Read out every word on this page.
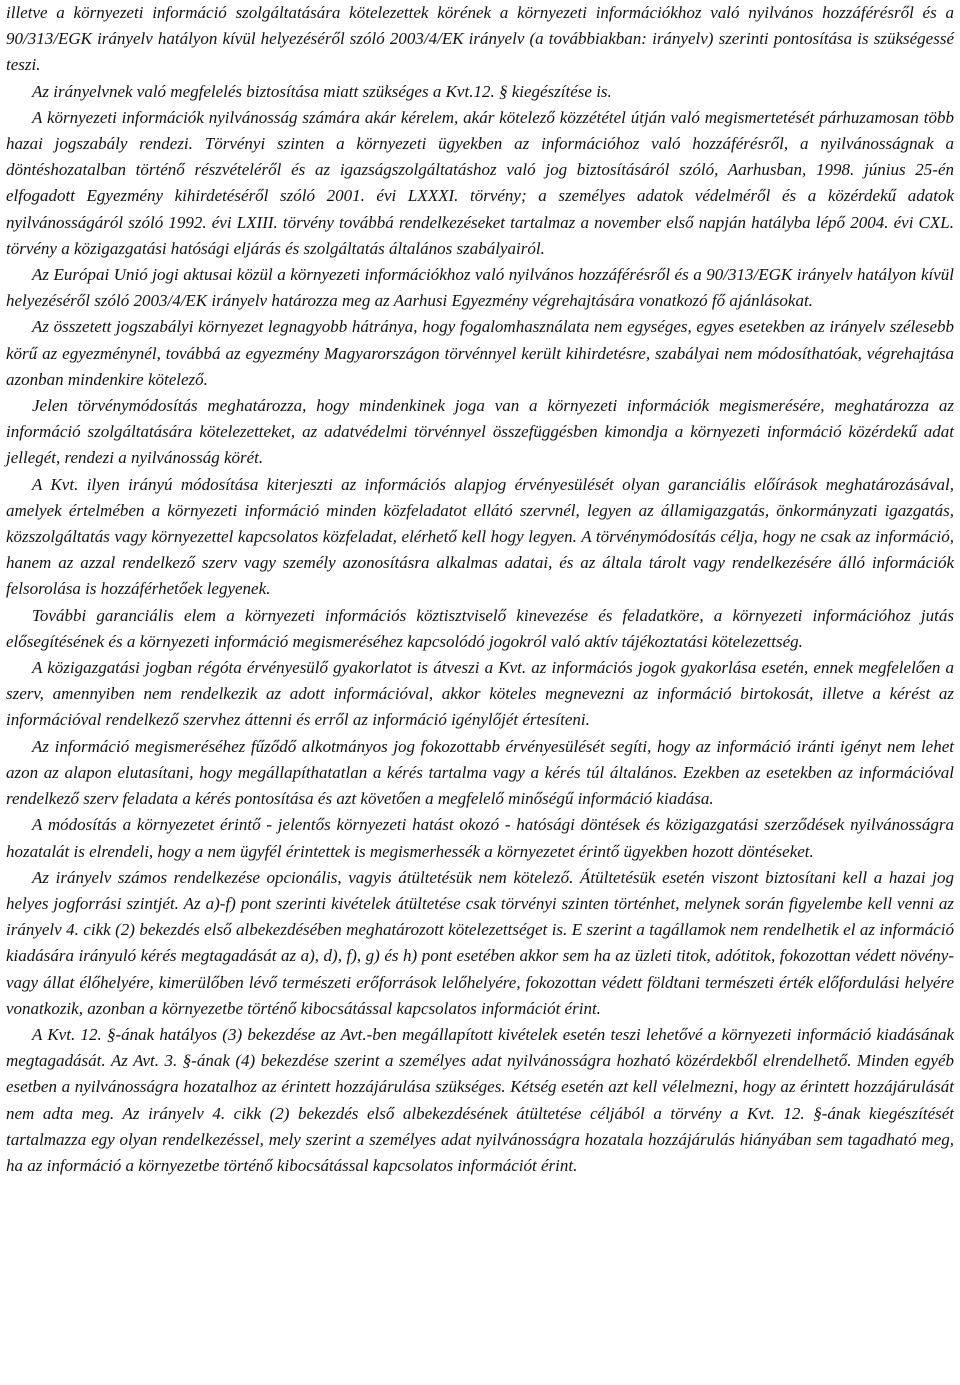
illetve a környezeti információ szolgáltatására kötelezettek körének a környezeti információkhoz való nyilvános hozzáférésről és a 90/313/EGK irányelv hatályon kívül helyezéséről szóló 2003/4/EK irányelv (a továbbiakban: irányelv) szerinti pontosítása is szükségessé teszi.

Az irányelvnek való megfelelés biztosítása miatt szükséges a Kvt.12. § kiegészítése is.

A környezeti információk nyilvánosság számára akár kérelem, akár kötelező közzététel útján való megismertetését párhuzamosan több hazai jogszabály rendezi. Törvényi szinten a környezeti ügyekben az információhoz való hozzáférésről, a nyilvánosságnak a döntéshozatalban történő részvételéről és az igazságszolgáltatáshoz való jog biztosításáról szóló, Aarhusban, 1998. június 25-én elfogadott Egyezmény kihirdetéséről szóló 2001. évi LXXXI. törvény; a személyes adatok védelméről és a közérdekű adatok nyilvánosságáról szóló 1992. évi LXIII. törvény továbbá rendelkezéseket tartalmaz a november első napján hatályba lépő 2004. évi CXL. törvény a közigazgatási hatósági eljárás és szolgáltatás általános szabályairól.

Az Európai Unió jogi aktusai közül a környezeti információkhoz való nyilvános hozzáférésről és a 90/313/EGK irányelv hatályon kívül helyezéséről szóló 2003/4/EK irányelv határozza meg az Aarhusi Egyezmény végrehajtására vonatkozó fő ajánlásokat.

Az összetett jogszabályi környezet legnagyobb hátránya, hogy fogalomhasználata nem egységes, egyes esetekben az irányelv szélesebb körű az egyezménynél, továbbá az egyezmény Magyarországon törvénnyel került kihirdetésre, szabályai nem módosíthatóak, végrehajtása azonban mindenkire kötelező.

Jelen törvénymódosítás meghatározza, hogy mindenkinek joga van a környezeti információk megismerésére, meghatározza az információ szolgáltatására kötelezetteket, az adatvédelmi törvénnyel összefüggésben kimondja a környezeti információ közérdekű adat jellegét, rendezi a nyilvánosság körét.

A Kvt. ilyen irányú módosítása kiterjeszti az információs alapjog érvényesülését olyan garanciális előírások meghatározásával, amelyek értelmében a környezeti információ minden közfeladatot ellátó szervnél, legyen az államigazgatás, önkormányzati igazgatás, közszolgáltatás vagy környezettel kapcsolatos közfeladat, elérhető kell hogy legyen. A törvénymódosítás célja, hogy ne csak az információ, hanem az azzal rendelkező szerv vagy személy azonosításra alkalmas adatai, és az általa tárolt vagy rendelkezésére álló információk felsorolása is hozzáférhetőek legyenek.

További garanciális elem a környezeti információs köztisztviselő kinevezése és feladatköre, a környezeti információhoz jutás elősegítésének és a környezeti információ megismeréséhez kapcsolódó jogokról való aktív tájékoztatási kötelezettség.

A közigazgatási jogban régóta érvényesülő gyakorlatot is átveszi a Kvt. az információs jogok gyakorlása esetén, ennek megfelelően a szerv, amennyiben nem rendelkezik az adott információval, akkor köteles megnevezni az információ birtokosát, illetve a kérést az információval rendelkező szervhez áttenni és erről az információ igénylőjét értesíteni.

Az információ megismeréséhez fűződő alkotmányos jog fokozottabb érvényesülését segíti, hogy az információ iránti igényt nem lehet azon az alapon elutasítani, hogy megállapíthatatlan a kérés tartalma vagy a kérés túl általános. Ezekben az esetekben az információval rendelkező szerv feladata a kérés pontosítása és azt követően a megfelelő minőségű információ kiadása.

A módosítás a környezetet érintő - jelentős környezeti hatást okozó - hatósági döntések és közigazgatási szerződések nyilvánosságra hozatalát is elrendeli, hogy a nem ügyfél érintettek is megismerhessék a környezetet érintő ügyekben hozott döntéseket.

Az irányelv számos rendelkezése opcionális, vagyis átültetésük nem kötelező. Átültetésük esetén viszont biztosítani kell a hazai jog helyes jogforrási szintjét. Az a)-f) pont szerinti kivételek átültetése csak törvényi szinten történhet, melynek során figyelembe kell venni az irányelv 4. cikk (2) bekezdés első albekezdésében meghatározott kötelezettséget is. E szerint a tagállamok nem rendelhetik el az információ kiadására irányuló kérés megtagadását az a), d), f), g) és h) pont esetében akkor sem ha az üzleti titok, adótitok, fokozottan védett növény- vagy állat élőhelyére, kimerülőben lévő természeti erőforrások lelőhelyére, fokozottan védett földtani természeti érték előfordulási helyére vonatkozik, azonban a környezetbe történő kibocsátással kapcsolatos információt érint.

A Kvt. 12. §-ának hatályos (3) bekezdése az Avt.-ben megállapított kivételek esetén teszi lehetővé a környezeti információ kiadásának megtagadását. Az Avt. 3. §-ának (4) bekezdése szerint a személyes adat nyilvánosságra hozható közérdekből elrendelhető. Minden egyéb esetben a nyilvánosságra hozatalhoz az érintett hozzájárulása szükséges. Kétség esetén azt kell vélelmezni, hogy az érintett hozzájárulását nem adta meg. Az irányelv 4. cikk (2) bekezdés első albekezdésének átültetése céljából a törvény a Kvt. 12. §-ának kiegészítését tartalmazza egy olyan rendelkezéssel, mely szerint a személyes adat nyilvánosságra hozatala hozzájárulás hiányában sem tagadható meg, ha az információ a környezetbe történő kibocsátással kapcsolatos információt érint.
